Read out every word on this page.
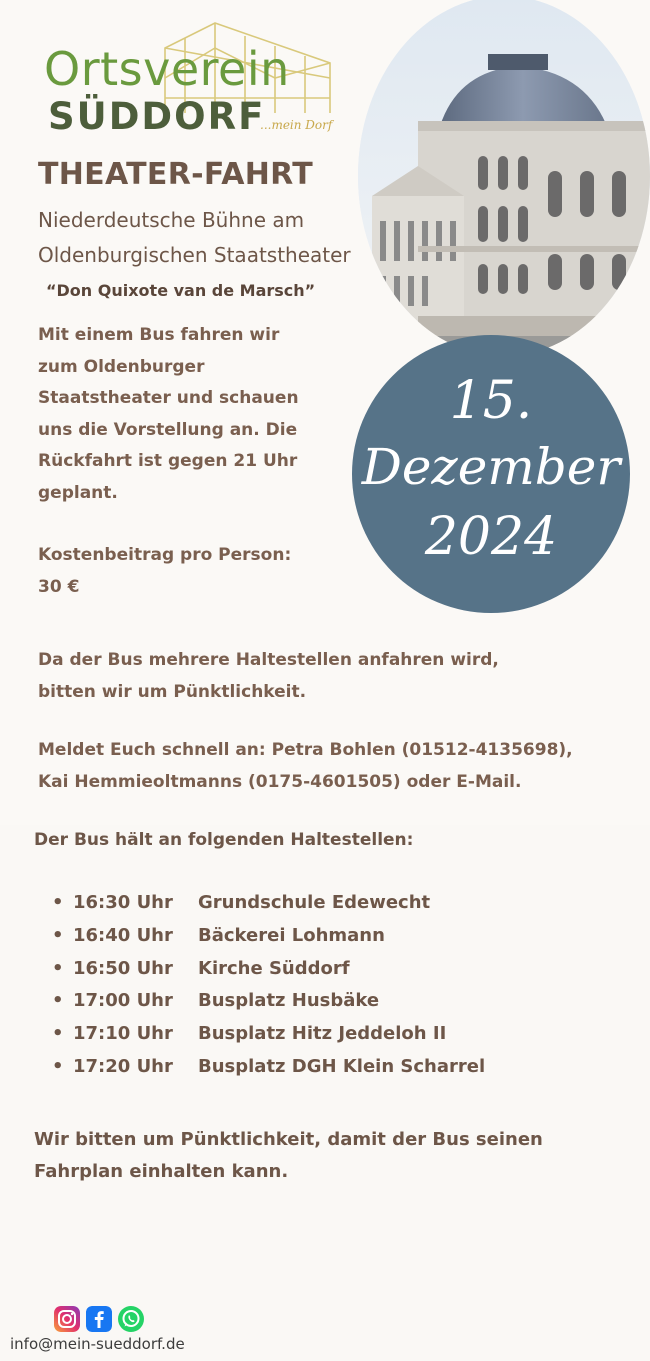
Ortsverein
SÜDDORF
...mein Dorf
THEATER-FAHRT
Niederdeutsche Bühne am
Oldenburgischen Staatstheater
“Don Quixote van de Marsch”
Mit einem Bus fahren wir
zum Oldenburger
Staatstheater und schauen
uns die Vorstellung an. Die
Rückfahrt ist gegen 21 Uhr
geplant.
Kostenbeitrag pro Person:
30 €
15.
Dezember
2024
Da der Bus mehrere Haltestellen anfahren wird,
bitten wir um Pünktlichkeit.
Meldet Euch schnell an: Petra Bohlen (01512-4135698),
Kai Hemmieoltmanns (0175-4601505) oder E-Mail.
Der Bus hält an folgenden Haltestellen:
• 16:30 Uhr Grundschule Edewecht
• 16:40 Uhr Bäckerei Lohmann
• 16:50 Uhr Kirche Süddorf
• 17:00 Uhr Busplatz Husbäke
• 17:10 Uhr Busplatz Hitz Jeddeloh II
• 17:20 Uhr Busplatz DGH Klein Scharrel
Wir bitten um Pünktlichkeit, damit der Bus seinen
Fahrplan einhalten kann.
info@mein-sueddorf.de
